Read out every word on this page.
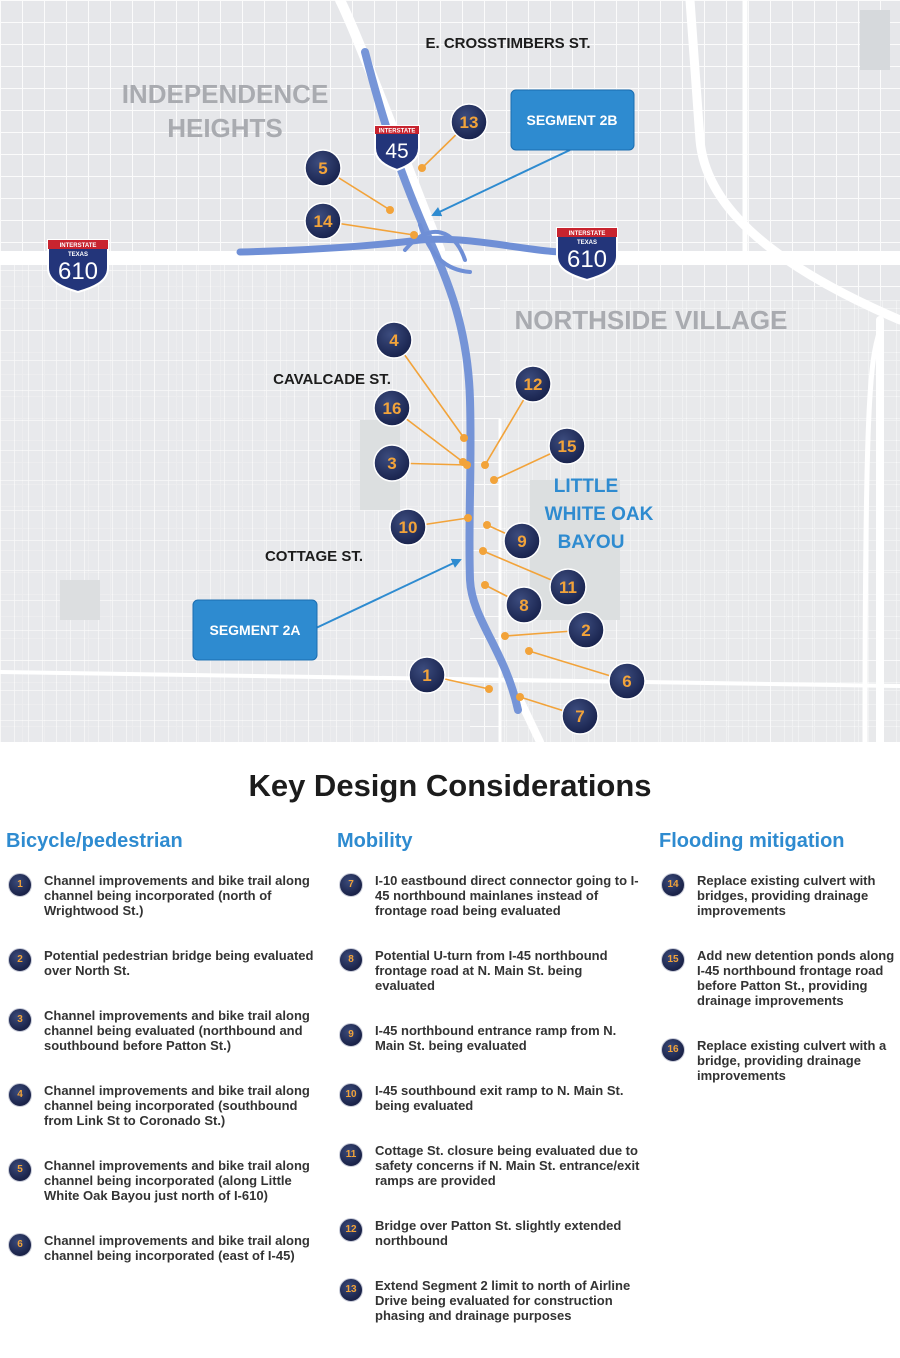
E. CROSSTIMBERS ST.
INDEPENDENCE
HEIGHTS
NORTHSIDE VILLAGE
CAVALCADE ST.
COTTAGE ST.
LITTLE
WHITE OAK
BAYOU
INTERSTATE
45
INTERSTATE
TEXAS
610
INTERSTATE
TEXAS
610
SEGMENT 2B
SEGMENT 2A
13
5
14
4
12
16
3
15
10
9
11
8
2
1	6
7
Key Design Considerations
Bicycle/pedestrian
1	Channel improvements and bike trail along channel being incorporated (north of Wrightwood St.)
2	Potential pedestrian bridge being evaluated over North St.
3	Channel improvements and bike trail along channel being evaluated (northbound and southbound before Patton St.)
4	Channel improvements and bike trail along channel being incorporated (southbound from Link St to Coronado St.)
5	Channel improvements and bike trail along channel being incorporated (along Little White Oak Bayou just north of I-610)
6	Channel improvements and bike trail along channel being incorporated (east of I-45)
Mobility
7	I-10 eastbound direct connector going to I-45 northbound mainlanes instead of frontage road being evaluated
8	Potential U-turn from I-45 northbound frontage road at N. Main St. being evaluated
9	I-45 northbound entrance ramp from N. Main St. being evaluated
10	I-45 southbound exit ramp to N. Main St. being evaluated
11	Cottage St. closure being evaluated due to safety concerns if N. Main St. entrance/exit ramps are provided
12	Bridge over Patton St. slightly extended northbound
13	Extend Segment 2 limit to north of Airline Drive being evaluated for construction phasing and drainage purposes
Flooding mitigation
14	Replace existing culvert with bridges, providing drainage improvements
15	Add new detention ponds along I-45 northbound frontage road before Patton St., providing drainage improvements
16	Replace existing culvert with a bridge, providing drainage improvements
